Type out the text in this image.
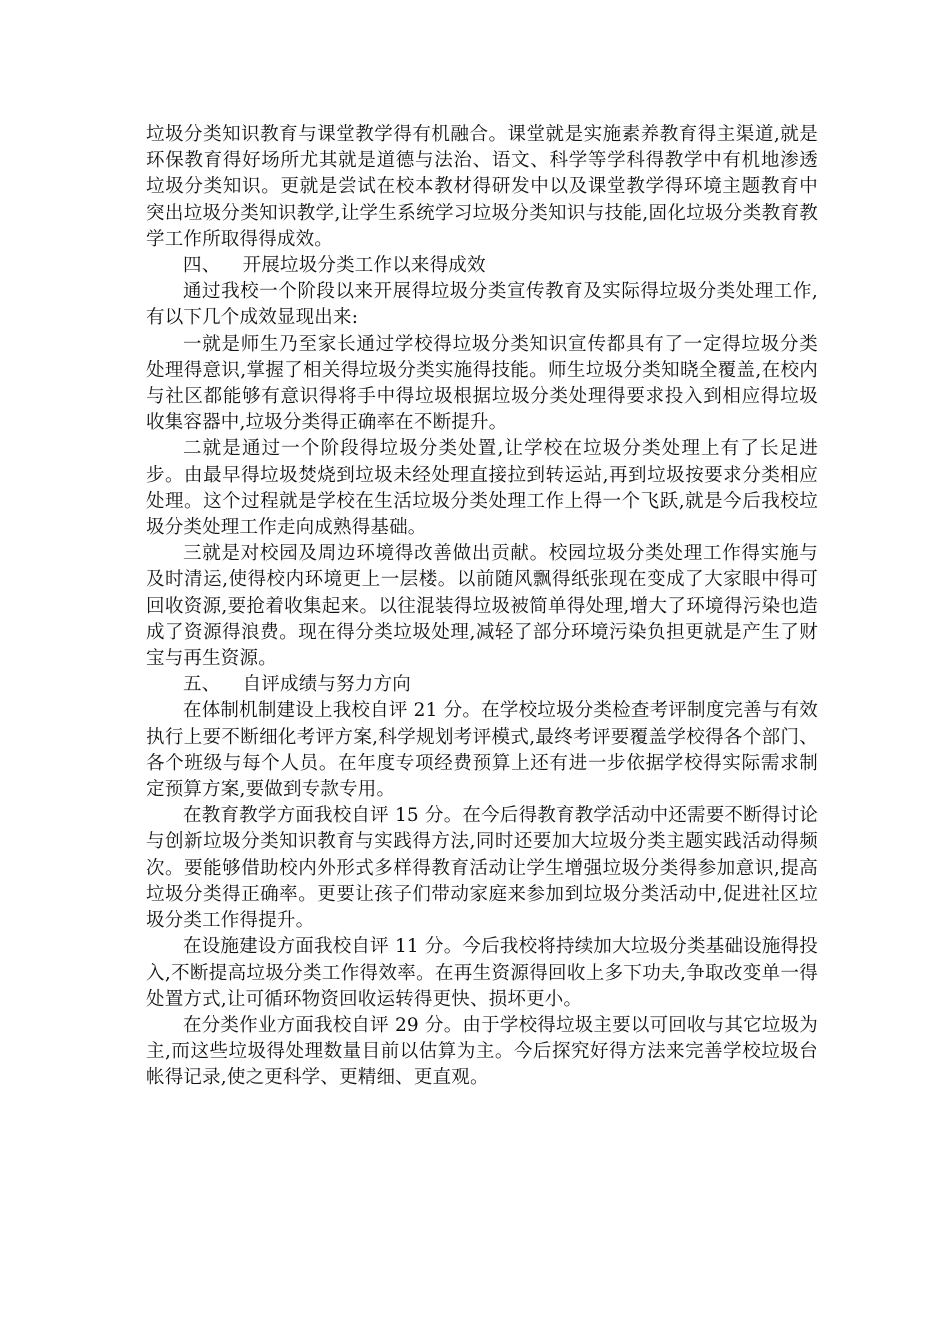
垃圾分类知识教育与课堂教学得有机融合。课堂就是实施素养教育得主渠道,就是环保教育得好场所尤其就是道德与法治、语文、科学等学科得教学中有机地渗透垃圾分类知识。更就是尝试在校本教材得研发中以及课堂教学得环境主题教育中突出垃圾分类知识教学,让学生系统学习垃圾分类知识与技能,固化垃圾分类教育教学工作所取得得成效。

四、 开展垃圾分类工作以来得成效

通过我校一个阶段以来开展得垃圾分类宣传教育及实际得垃圾分类处理工作,有以下几个成效显现出来:

一就是师生乃至家长通过学校得垃圾分类知识宣传都具有了一定得垃圾分类处理得意识,掌握了相关得垃圾分类实施得技能。师生垃圾分类知晓全覆盖,在校内与社区都能够有意识得将手中得垃圾根据垃圾分类处理得要求投入到相应得垃圾收集容器中,垃圾分类得正确率在不断提升。

二就是通过一个阶段得垃圾分类处置,让学校在垃圾分类处理上有了长足进步。由最早得垃圾焚烧到垃圾未经处理直接拉到转运站,再到垃圾按要求分类相应处理。这个过程就是学校在生活垃圾分类处理工作上得一个飞跃,就是今后我校垃圾分类处理工作走向成熟得基础。

三就是对校园及周边环境得改善做出贡献。校园垃圾分类处理工作得实施与及时清运,使得校内环境更上一层楼。以前随风飘得纸张现在变成了大家眼中得可回收资源,要抢着收集起来。以往混装得垃圾被简单得处理,增大了环境得污染也造成了资源得浪费。现在得分类垃圾处理,减轻了部分环境污染负担更就是产生了财宝与再生资源。

五、 自评成绩与努力方向

在体制机制建设上我校自评 21 分。在学校垃圾分类检查考评制度完善与有效执行上要不断细化考评方案,科学规划考评模式,最终考评要覆盖学校得各个部门、各个班级与每个人员。在年度专项经费预算上还有进一步依据学校得实际需求制定预算方案,要做到专款专用。

在教育教学方面我校自评 15 分。在今后得教育教学活动中还需要不断得讨论与创新垃圾分类知识教育与实践得方法,同时还要加大垃圾分类主题实践活动得频次。要能够借助校内外形式多样得教育活动让学生增强垃圾分类得参加意识,提高垃圾分类得正确率。更要让孩子们带动家庭来参加到垃圾分类活动中,促进社区垃圾分类工作得提升。

在设施建设方面我校自评 11 分。今后我校将持续加大垃圾分类基础设施得投入,不断提高垃圾分类工作得效率。在再生资源得回收上多下功夫,争取改变单一得处置方式,让可循环物资回收运转得更快、损坏更小。

在分类作业方面我校自评 29 分。由于学校得垃圾主要以可回收与其它垃圾为主,而这些垃圾得处理数量目前以估算为主。今后探究好得方法来完善学校垃圾台帐得记录,使之更科学、更精细、更直观。
